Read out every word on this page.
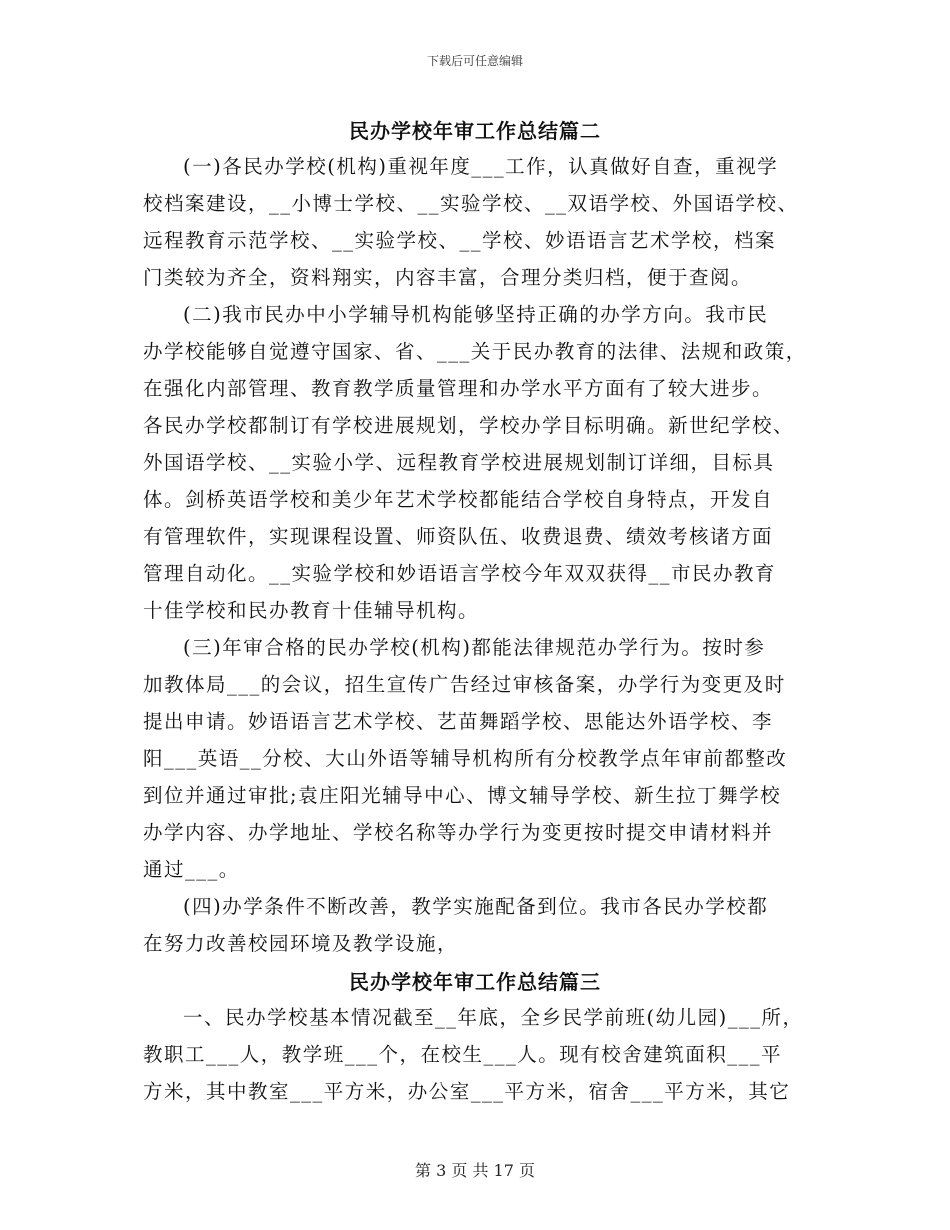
下载后可任意编辑
民办学校年审工作总结篇二
(一)各民办学校(机构)重视年度___工作，认真做好自查，重视学
校档案建设，__小博士学校、__实验学校、__双语学校、外国语学校、
远程教育示范学校、__实验学校、__学校、妙语语言艺术学校，档案
门类较为齐全，资料翔实，内容丰富，合理分类归档，便于查阅。
(二)我市民办中小学辅导机构能够坚持正确的办学方向。我市民
办学校能够自觉遵守国家、省、___关于民办教育的法律、法规和政策，
在强化内部管理、教育教学质量管理和办学水平方面有了较大进步。
各民办学校都制订有学校进展规划，学校办学目标明确。新世纪学校、
外国语学校、__实验小学、远程教育学校进展规划制订详细，目标具
体。剑桥英语学校和美少年艺术学校都能结合学校自身特点，开发自
有管理软件，实现课程设置、师资队伍、收费退费、绩效考核诸方面
管理自动化。__实验学校和妙语语言学校今年双双获得__市民办教育
十佳学校和民办教育十佳辅导机构。
(三)年审合格的民办学校(机构)都能法律规范办学行为。按时参
加教体局___的会议，招生宣传广告经过审核备案，办学行为变更及时
提出申请。妙语语言艺术学校、艺苗舞蹈学校、思能达外语学校、李
阳___英语__分校、大山外语等辅导机构所有分校教学点年审前都整改
到位并通过审批;袁庄阳光辅导中心、博文辅导学校、新生拉丁舞学校
办学内容、办学地址、学校名称等办学行为变更按时提交申请材料并
通过___。
(四)办学条件不断改善，教学实施配备到位。我市各民办学校都
在努力改善校园环境及教学设施，
民办学校年审工作总结篇三
一、民办学校基本情况截至__年底，全乡民学前班(幼儿园)___所，
教职工___人，教学班___个，在校生___人。现有校舍建筑面积___平
方米，其中教室___平方米，办公室___平方米，宿舍___平方米，其它
第 3 页 共 17 页
